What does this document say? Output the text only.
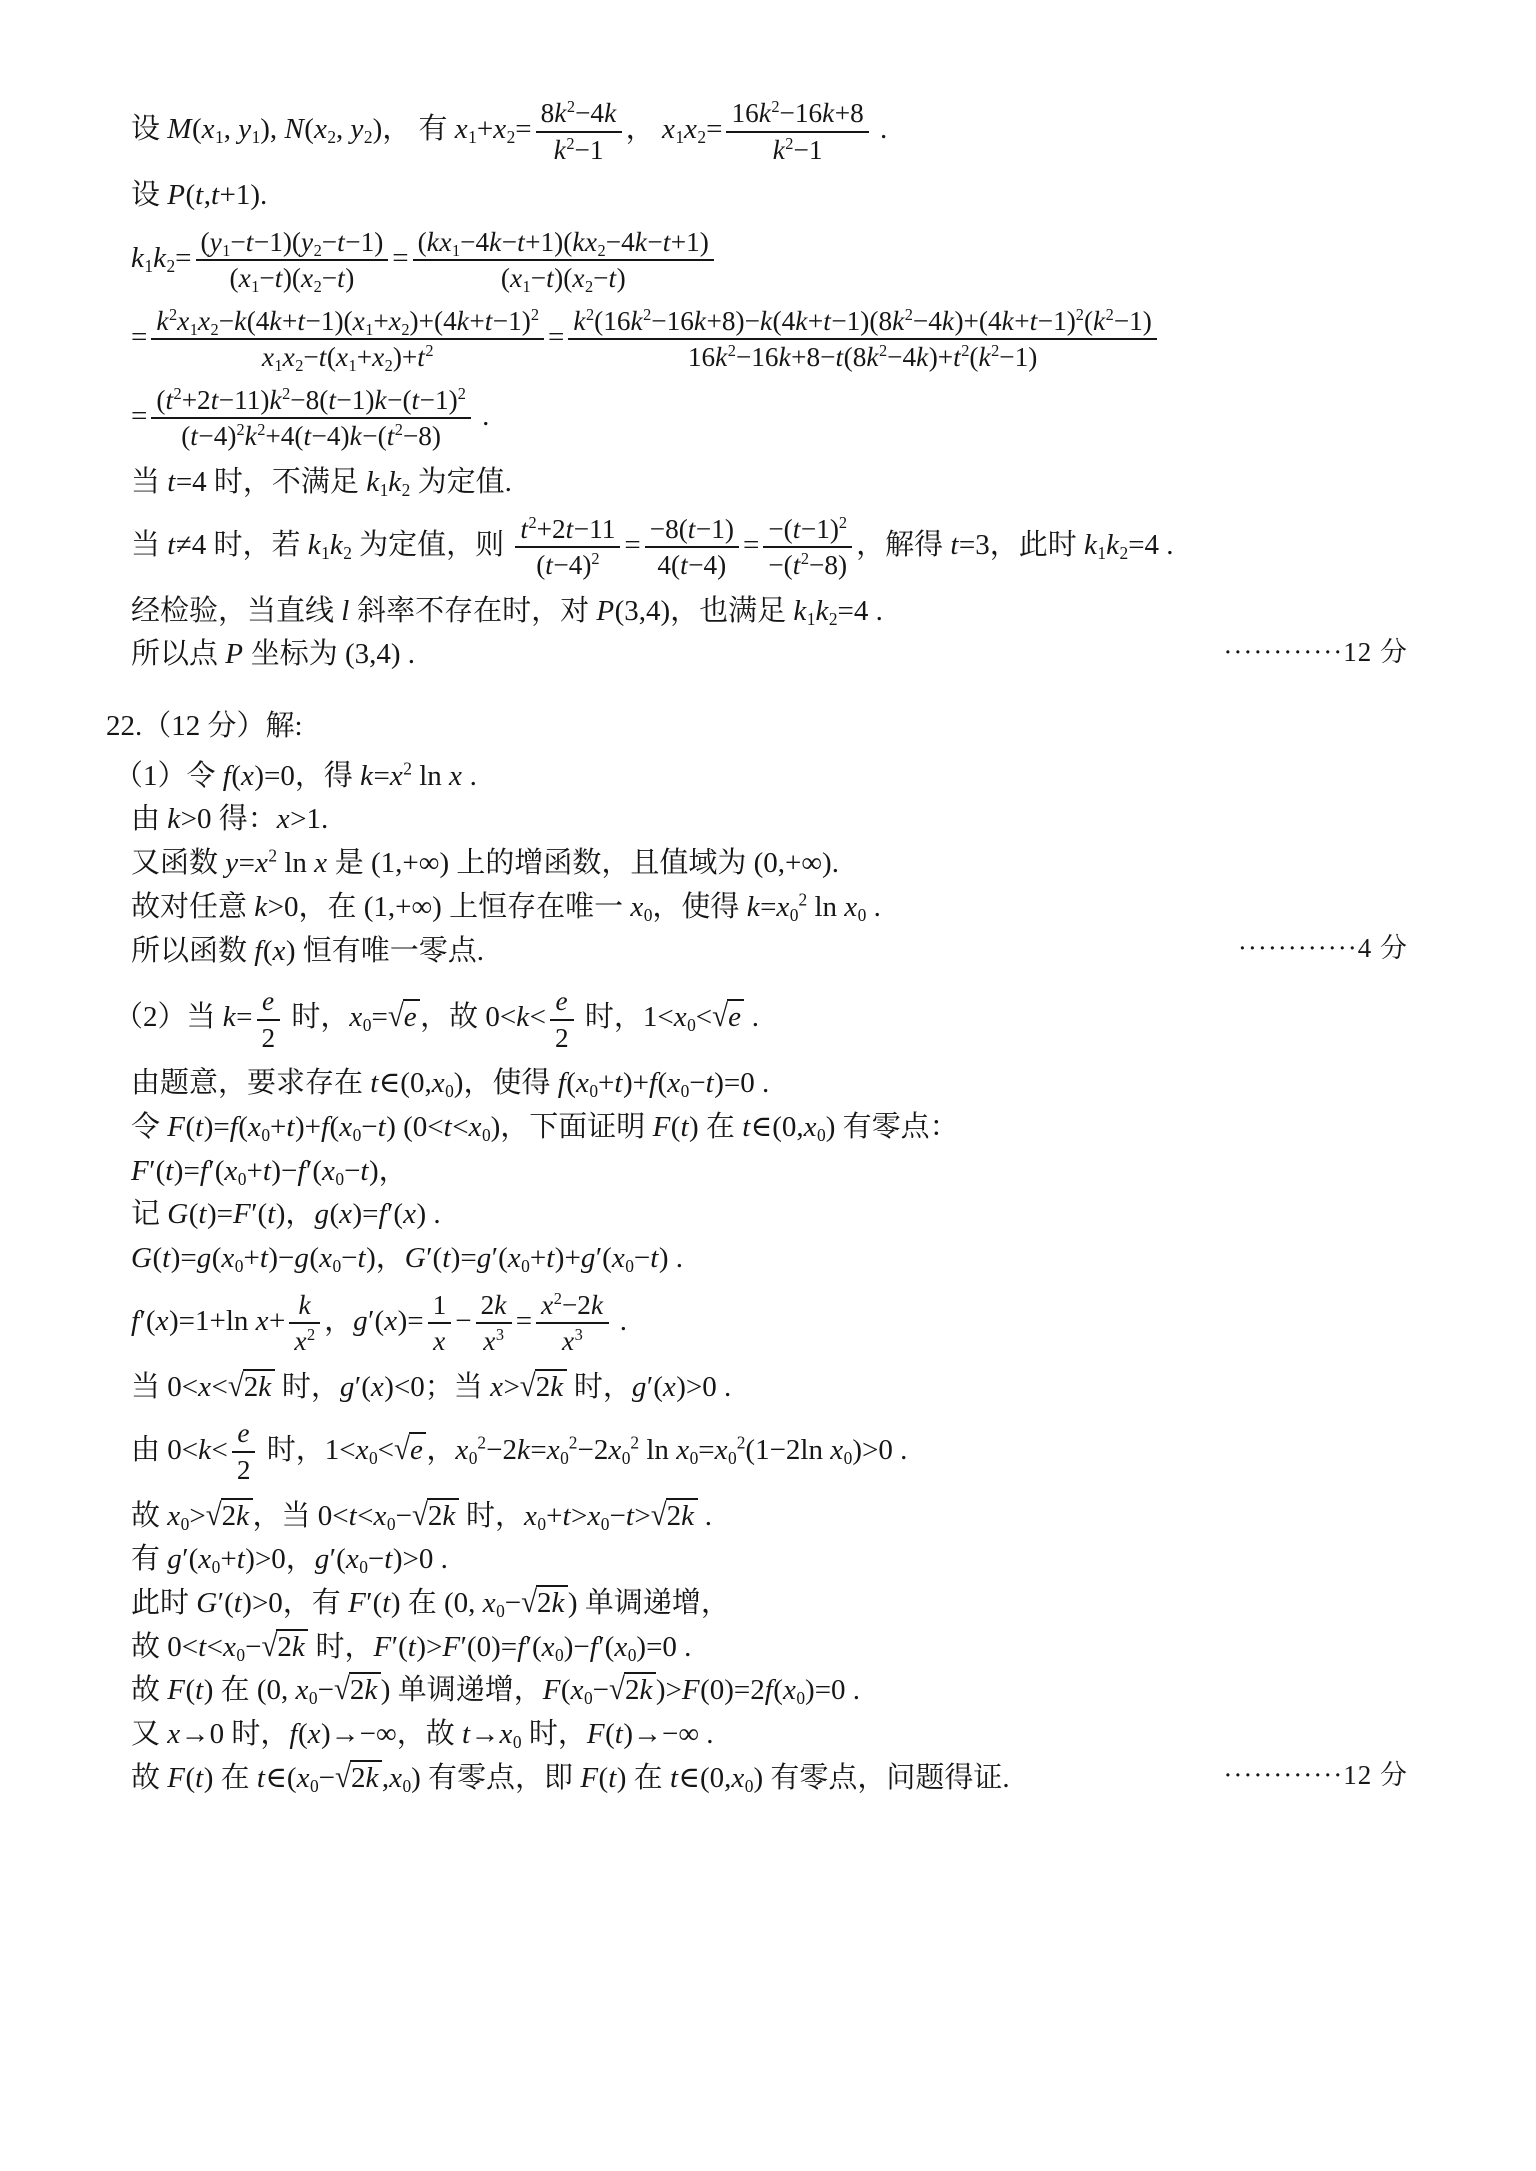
设 $M(x_1$, $y_1$), $N(x_2$, $y_2$)， 有 $x_1+x_2= \frac{8k^2-4k}{k^2-1}$ ， $x_1x_2= \frac{16k^2-16k+8}{k^2-1}$ .
设 P(t,t+1).
$k_1k_2= \frac{(y_1-t-1)(y_2-t-1)}{(x_1-t)(x_2-t)} = \frac{(kx_1-4k-t+1)(kx_2-4k-t+1)}{(x_1-t)(x_2-t)}$
= $\frac{k^2x_1x_2-k(4k+t-1)(x_1+x_2)+(4k+t-1)^2}{x_1x_2-t(x_1+x_2)+t^2} = \frac{k^2(16k^2-16k+8)-k(4k+t-1)(8k^2-4k)+(4k+t-1)^2(k^2-1)}{16k^2-16k+8-t(8k^2-4k)+t^2(k^2-1)}$
= $\frac{(t^2+2t-11)k^2-8(t-1)k-(t-1)^2}{(t-4)^2k^2+4(t-4)k-(t^2-8)}$ .
当 t=4 时，不满足 $k_1k_2$ 为定值.
当 t≠4 时，若 $k_1k_2$ 为定值，则 $\frac{t^2+2t-11}{(t-4)^2} = \frac{-8(t-1)}{4(t-4)} = \frac{-(t-1)^2}{-(t^2-8)}$ ，解得 t=3，此时 $k_1k_2=4$ .
经检验，当直线 l 斜率不存在时，对 P(3,4)，也满足 $k_1k_2=4$ .
所以点 P 坐标为 (3,4) .	············12 分
22.（12 分）解:
（1）令 f(x)=0，得 $k=x^2$ ln x .
由 k>0 得：x>1.
又函数 $y=x^2$ ln x 是 (1,+∞) 上的增函数，且值域为 (0,+∞).
故对任意 k>0，在 (1,+∞) 上恒存在唯一 $x_0$，使得 $k=x_0^2$ $\ln x_0$ .
所以函数 f(x) 恒有唯一零点.	············4 分
（2）当 $k= \frac{e}{2}$ 时，$x_0=√e$ ，故 $0<k< \frac{e}{2}$ 时，$1<x_0<√e$ .
由题意，要求存在 $t\in(0,x_0)$，使得 $f(x_0+t)+f(x_0-t)=0$ .
令 $F(t)=f(x_0+t)+f(x_0-t)$ $(0<t<x_0)$，下面证明 F(t) 在 $t\in(0,x_0)$ 有零点：
$F'(t)=f'(x_0+t)-f'(x_0-t)$，
记 G(t)=F′(t)，g(x)=f′(x) .
$G(t)=g(x_0+t)-g(x_0-t)$，$G'(t)=g'(x_0+t)+g'(x_0-t)$ .
f′(x)=1+ln $x+ \frac{k}{x^2}$ ，$g'(x)= \frac{1}{x} - \frac{2k}{x^3} = \frac{x^2-2k}{x^3}$ .
当 0<x<√2k 时，g′(x)<0；当 x>√2k 时，g′(x)>0 .
由 $0<k< \frac{e}{2}$ 时，$1<x_0<√e$ ，$x_0^2-2k=x_0^2-2x_0^2$ $\ln x_0=x_0^2(1-2\ln$ $x_0)>0$ .
故 $x_0>√2k$ ，当 $0<t<x_0-√2k$ 时，$x_0+t>x_0-t>√2k$ .
有 $g'(x_0+t)>0$，$g'(x_0-t)>0$ .
此时 G′(t)>0，有 F′(t) 在 (0, $x_0-√2k$ ) 单调递增，
故 $0<t<x_0-√2k$ 时，$F'(t)>F'(0)=f'(x_0)-f'(x_0)=0$ .
故 F(t) 在 (0, $x_0-√2k$ ) 单调递增，$F(x_0-√2k$ )$>F(0)=2f(x_0)=0$ .
又 x→0 时，f(x)→−∞，故 $t\to x_0$ 时，F(t)→−∞ .
故 F(t) 在 $t\in(x_0-√2k$ $,x_0$) 有零点，即 F(t) 在 $t\in(0,x_0)$ 有零点，问题得证.	············12 分
